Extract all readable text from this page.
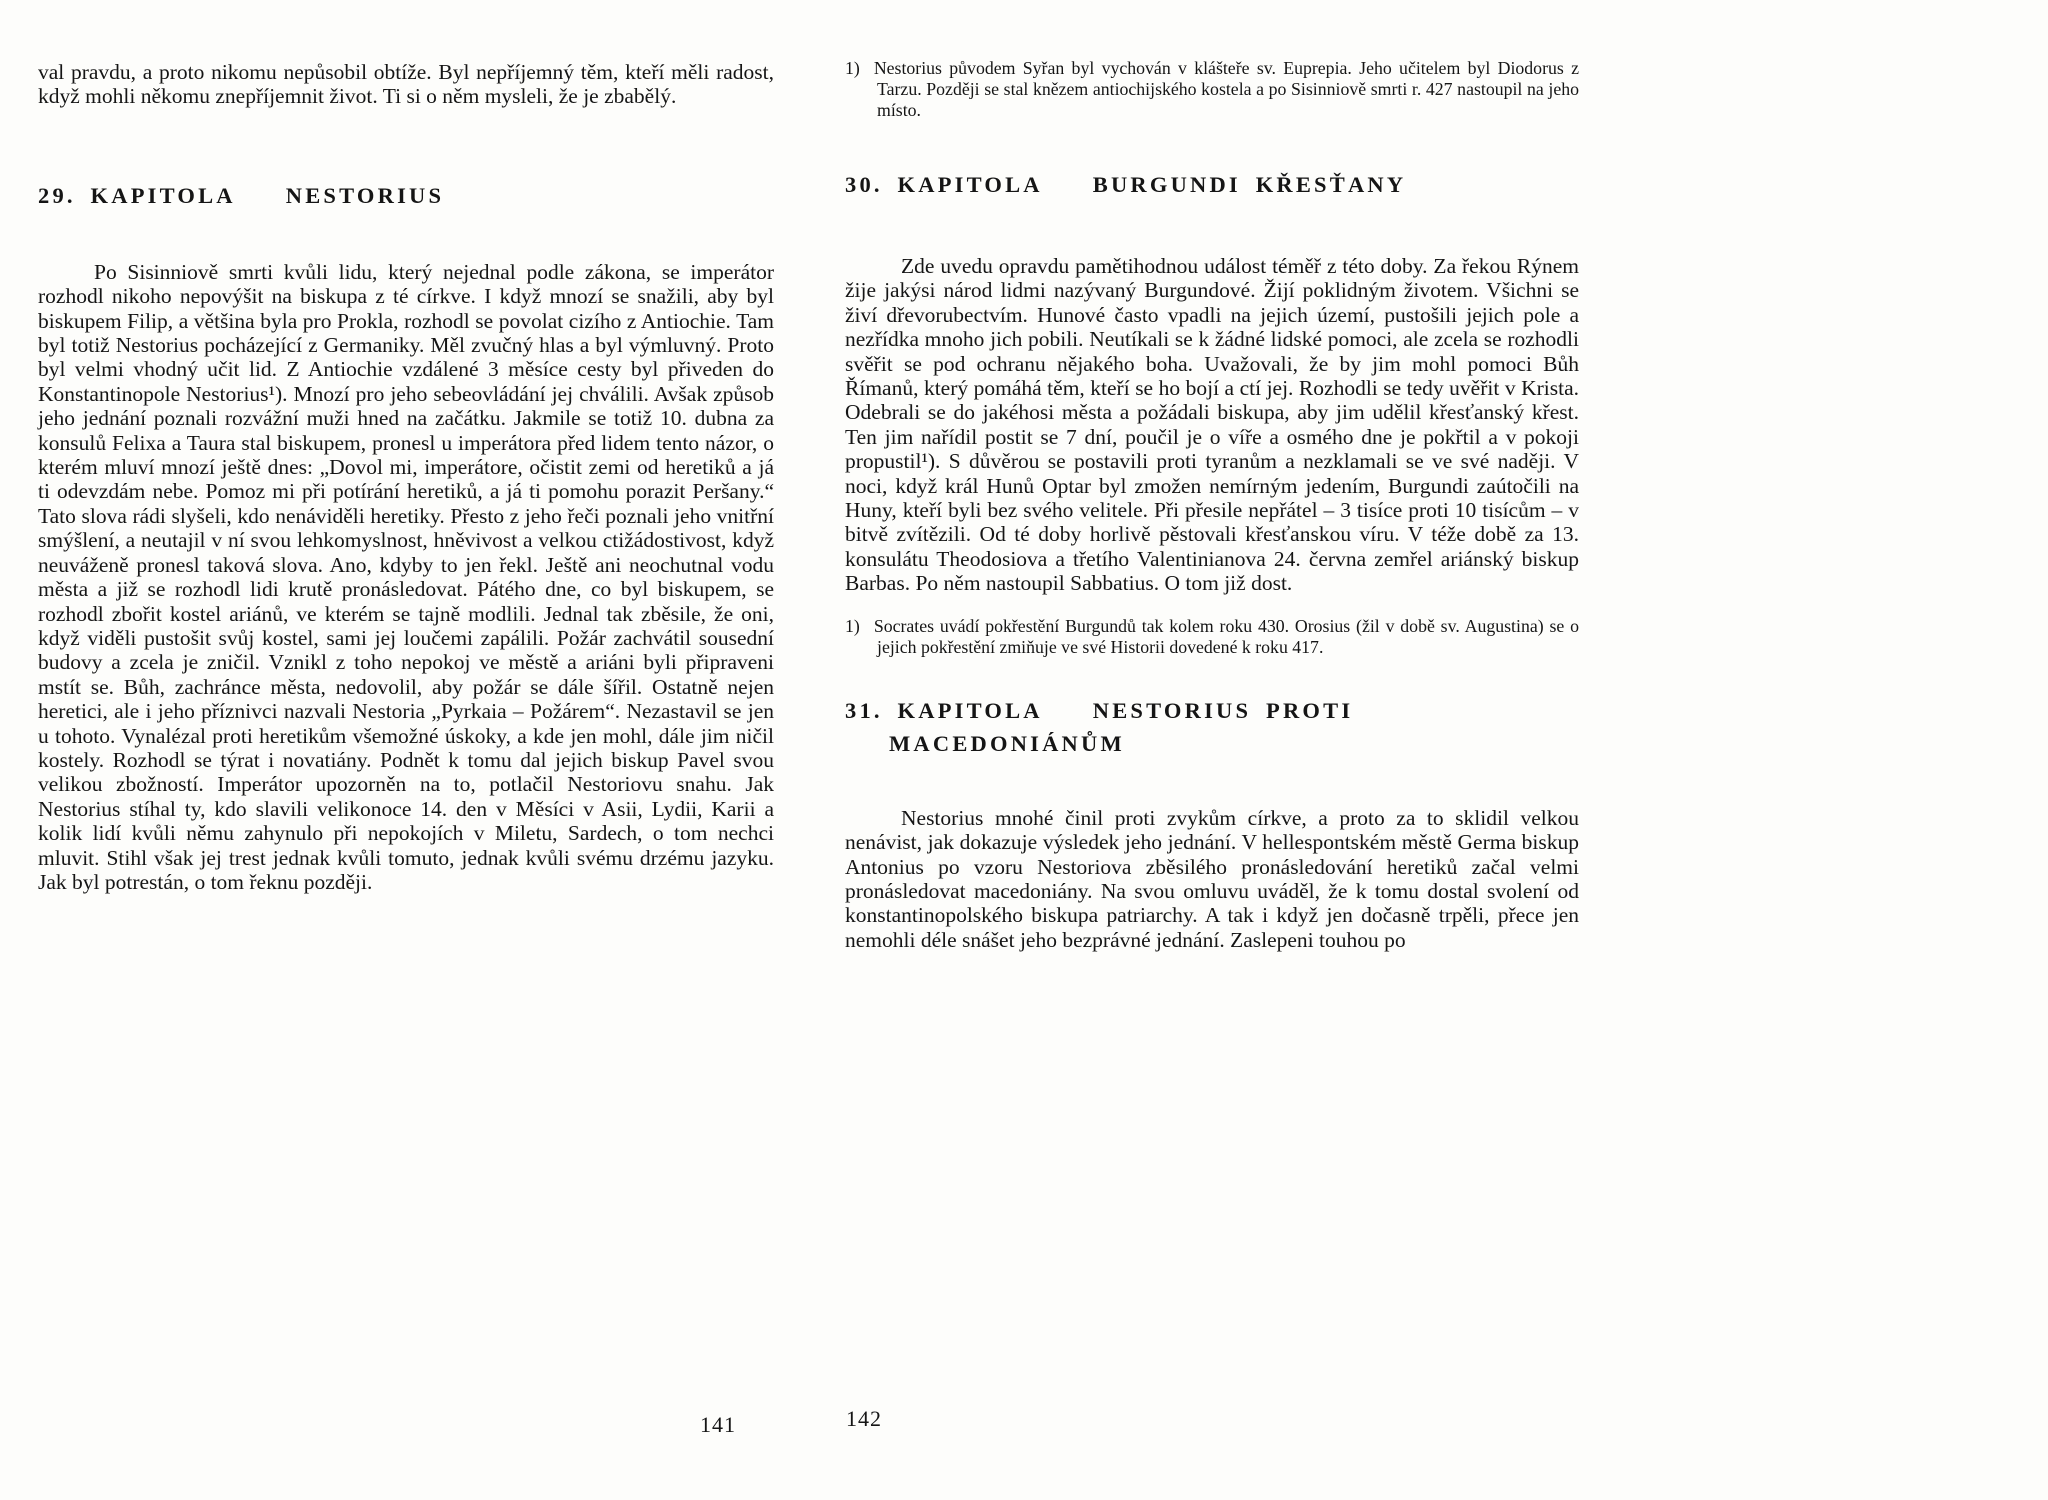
val pravdu, a proto nikomu nepůsobil obtíže. Byl nepříjemný těm, kteří měli radost, když mohli někomu znepříjemnit život. Ti si o něm mysleli, že je zbabělý.

29. KAPITOLA NESTORIUS

Po Sisinniově smrti kvůli lidu, který nejednal podle zákona, se imperátor rozhodl nikoho nepovýšit na biskupa z té církve. I když mnozí se snažili, aby byl biskupem Filip, a většina byla pro Prokla, rozhodl se povolat cizího z Antiochie. Tam byl totiž Nestorius pocházející z Germaniky. Měl zvučný hlas a byl výmluvný. Proto byl velmi vhodný učit lid. Z Antiochie vzdálené 3 měsíce cesty byl přiveden do Konstantinopole Nestorius¹). Mnozí pro jeho sebeovládání jej chválili. Avšak způsob jeho jednání poznali rozvážní muži hned na začátku. Jakmile se totiž 10. dubna za konsulů Felixa a Taura stal biskupem, pronesl u imperátora před lidem tento názor, o kterém mluví mnozí ještě dnes: „Dovol mi, imperátore, očistit zemi od heretiků a já ti odevzdám nebe. Pomoz mi při potírání heretiků, a já ti pomohu porazit Peršany.“ Tato slova rádi slyšeli, kdo nenáviděli heretiky. Přesto z jeho řeči poznali jeho vnitřní smýšlení, a neutajil v ní svou lehkomyslnost, hněvivost a velkou ctižádostivost, když neuváženě pronesl taková slova. Ano, kdyby to jen řekl. Ještě ani neochutnal vodu města a již se rozhodl lidi krutě pronásledovat. Pátého dne, co byl biskupem, se rozhodl zbořit kostel ariánů, ve kterém se tajně modlili. Jednal tak zběsile, že oni, když viděli pustošit svůj kostel, sami jej loučemi zapálili. Požár zachvátil sousední budovy a zcela je zničil. Vznikl z toho nepokoj ve městě a ariáni byli připraveni mstít se. Bůh, zachránce města, nedovolil, aby požár se dále šířil. Ostatně nejen heretici, ale i jeho příznivci nazvali Nestoria „Pyrkaia – Požárem“. Nezastavil se jen u tohoto. Vynalézal proti heretikům všemožné úskoky, a kde jen mohl, dále jim ničil kostely. Rozhodl se týrat i novatiány. Podnět k tomu dal jejich biskup Pavel svou velikou zbožností. Imperátor upozorněn na to, potlačil Nestoriovu snahu. Jak Nestorius stíhal ty, kdo slavili velikonoce 14. den v Měsíci v Asii, Lydii, Karii a kolik lidí kvůli němu zahynulo při nepokojích v Miletu, Sardech, o tom nechci mluvit. Stihl však jej trest jednak kvůli tomuto, jednak kvůli svému drzému jazyku. Jak byl potrestán, o tom řeknu později.

1) Nestorius původem Syřan byl vychován v klášteře sv. Euprepia. Jeho učitelem byl Diodorus z Tarzu. Později se stal knězem antiochijského kostela a po Sisinniově smrti r. 427 nastoupil na jeho místo.

30. KAPITOLA BURGUNDI KŘESŤANY

Zde uvedu opravdu pamětihodnou událost téměř z této doby. Za řekou Rýnem žije jakýsi národ lidmi nazývaný Burgundové. Žijí poklidným životem. Všichni se živí dřevorubectvím. Hunové často vpadli na jejich území, pustošili jejich pole a nezřídka mnoho jich pobili. Neutíkali se k žádné lidské pomoci, ale zcela se rozhodli svěřit se pod ochranu nějakého boha. Uvažovali, že by jim mohl pomoci Bůh Římanů, který pomáhá těm, kteří se ho bojí a ctí jej. Rozhodli se tedy uvěřit v Krista. Odebrali se do jakéhosi města a požádali biskupa, aby jim udělil křesťanský křest. Ten jim nařídil postit se 7 dní, poučil je o víře a osmého dne je pokřtil a v pokoji propustil¹). S důvěrou se postavili proti tyranům a nezklamali se ve své naději. V noci, když král Hunů Optar byl zmožen nemírným jedením, Burgundi zaútočili na Huny, kteří byli bez svého velitele. Při přesile nepřátel – 3 tisíce proti 10 tisícům – v bitvě zvítězili. Od té doby horlivě pěstovali křesťanskou víru. V téže době za 13. konsulátu Theodosiova a třetího Valentinianova 24. června zemřel ariánský biskup Barbas. Po něm nastoupil Sabbatius. O tom již dost.

1) Socrates uvádí pokřestění Burgundů tak kolem roku 430. Orosius (žil v době sv. Augustina) se o jejich pokřestění zmiňuje ve své Historii dovedené k roku 417.

31. KAPITOLA NESTORIUS PROTI MACEDONIÁNŮM

Nestorius mnohé činil proti zvykům církve, a proto za to sklidil velkou nenávist, jak dokazuje výsledek jeho jednání. V hellespontském městě Germa biskup Antonius po vzoru Nestoriova zběsilého pronásledování heretiků začal velmi pronásledovat macedoniány. Na svou omluvu uváděl, že k tomu dostal svolení od konstantinopolského biskupa patriarchy. A tak i když jen dočasně trpěli, přece jen nemohli déle snášet jeho bezprávné jednání. Zaslepeni touhou po

141	142
